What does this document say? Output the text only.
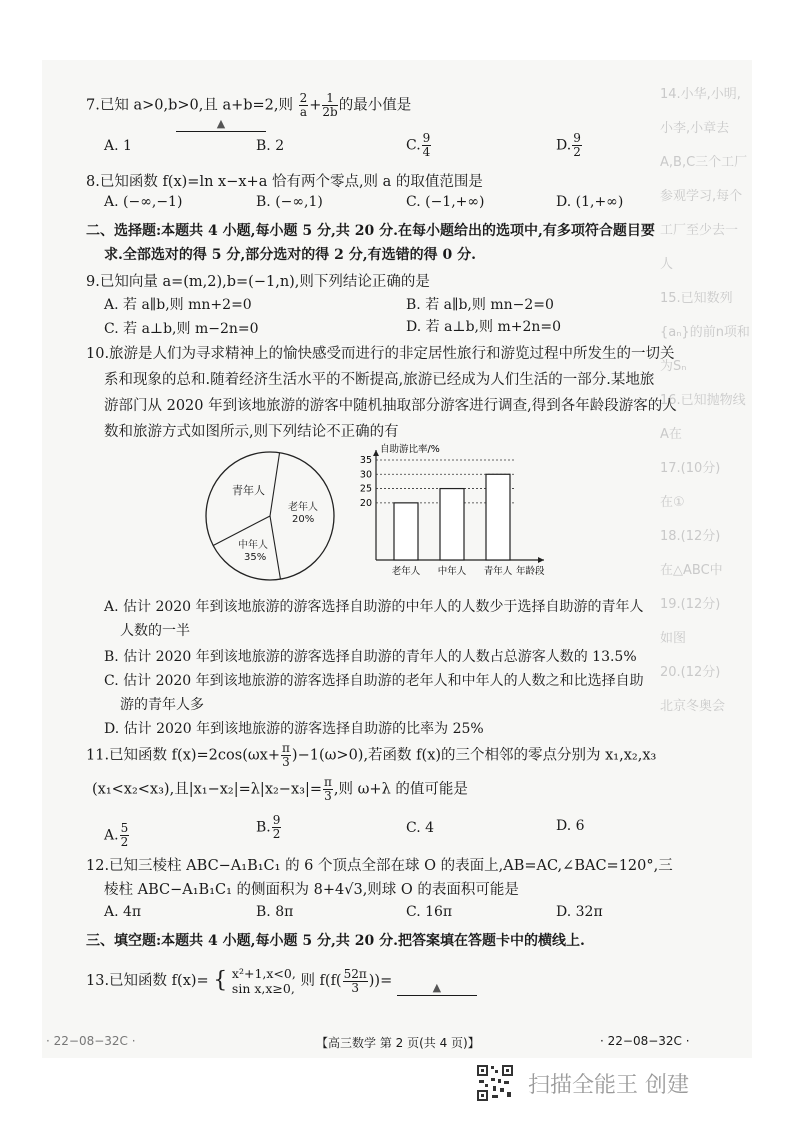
14.小华,小明,小李,小章去A,B,C三个工厂参观学习,每个工厂至少去一人
15.已知数列{aₙ}的前n项和为Sₙ
16.已知抛物线
A在
17.(10分)
在①
18.(12分)
在△ABC中
19.(12分)
如图
20.(12分)
北京冬奥会
7.已知 a>0,b>0,且 a+b=2,则 $\frac{2}{a} + \frac{1}{2b}$ 的最小值是
▲
A. 1	B. 2	C. $\frac{9}{4}$	D. $\frac{9}{2}$
8.已知函数 f(x)=ln x−x+a 恰有两个零点,则 a 的取值范围是
A. (−∞,−1)	B. (−∞,1)	C. (−1,+∞)	D. (1,+∞)
二、选择题:本题共 4 小题,每小题 5 分,共 20 分.在每小题给出的选项中,有多项符合题目要
求.全部选对的得 5 分,部分选对的得 2 分,有选错的得 0 分.
9.已知向量 a=(m,2),b=(−1,n),则下列结论正确的是
A. 若 a∥b,则 mn+2=0	B. 若 a∥b,则 mn−2=0
C. 若 a⊥b,则 m−2n=0	D. 若 a⊥b,则 m+2n=0
10.旅游是人们为寻求精神上的愉快感受而进行的非定居性旅行和游览过程中所发生的一切关
系和现象的总和.随着经济生活水平的不断提高,旅游已经成为人们生活的一部分.某地旅
游部门从 2020 年到该地旅游的游客中随机抽取部分游客进行调查,得到各年龄段游客的人
数和旅游方式如图所示,则下列结论不正确的有
青年人
老年人
20%
中年人
35%
自助游比率/%
年龄段
20
25
30
35
老年人 中年人 青年人
A. 估计 2020 年到该地旅游的游客选择自助游的中年人的人数少于选择自助游的青年人
人数的一半
B. 估计 2020 年到该地旅游的游客选择自助游的青年人的人数占总游客人数的 13.5%
C. 估计 2020 年到该地旅游的游客选择自助游的老年人和中年人的人数之和比选择自助
游的青年人多
D. 估计 2020 年到该地旅游的游客选择自助游的比率为 25%
11.已知函数 $f(x)=2\cos(\omega x+ \frac{\pi}{3} )-1(\omega>0)$,若函数 f(x)的三个相邻的零点分别为 x₁,x₂,x₃
(x₁<x₂<x₃),且$|x_1-x_2|=\lambda|x_2-x_3|= \frac{\pi}{3}$ ,则 ω+λ 的值可能是
A. $\frac{5}{2}$	B. $\frac{9}{2}$	C. 4	D. 6
12.已知三棱柱 ABC−A₁B₁C₁ 的 6 个顶点全部在球 O 的表面上,AB=AC,∠BAC=120°,三
棱柱 ABC−A₁B₁C₁ 的侧面积为 8+4√3,则球 O 的表面积可能是
A. 4π	B. 8π	C. 16π	D. 32π
三、填空题:本题共 4 小题,每小题 5 分,共 20 分.把答案填在答题卡中的横线上.
13.已知函数 f(x)= { x²+1,x<0,
sin x,x≥0, 则 $f(f( \frac{52\pi}{3}$ ))=	▲
· 22−08−32C ·	【高三数学 第 2 页(共 4 页)】	· 22−08−32C ·
扫描全能王 创建
